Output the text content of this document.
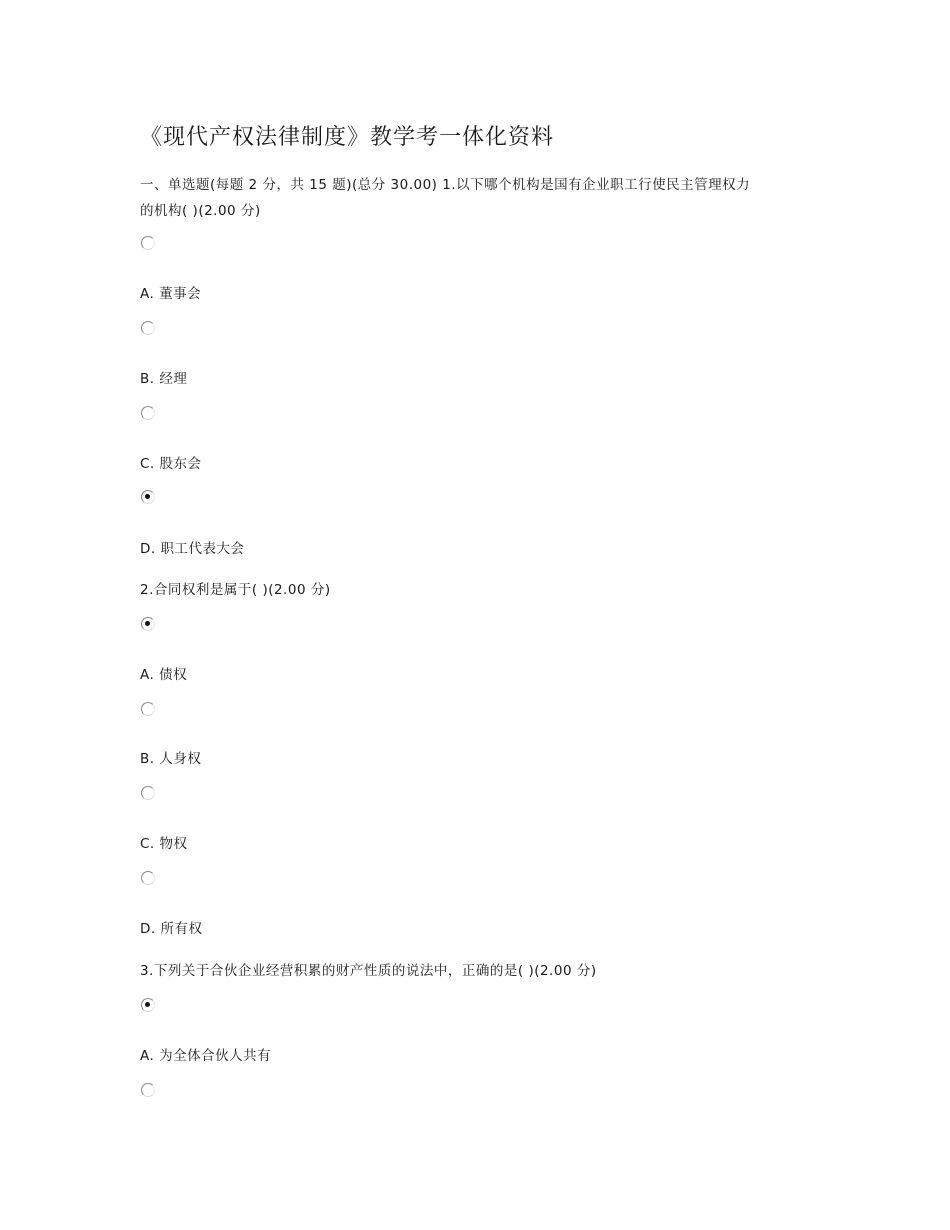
《现代产权法律制度》教学考一体化资料
一、单选题(每题 2 分，共 15 题)(总分 30.00) 1.以下哪个机构是国有企业职工行使民主管理权力
的机构( )(2.00 分)
A. 董事会
B. 经理
C. 股东会
D. 职工代表大会
2.合同权利是属于( )(2.00 分)
A. 债权
B. 人身权
C. 物权
D. 所有权
3.下列关于合伙企业经营积累的财产性质的说法中，正确的是( )(2.00 分)
A. 为全体合伙人共有
